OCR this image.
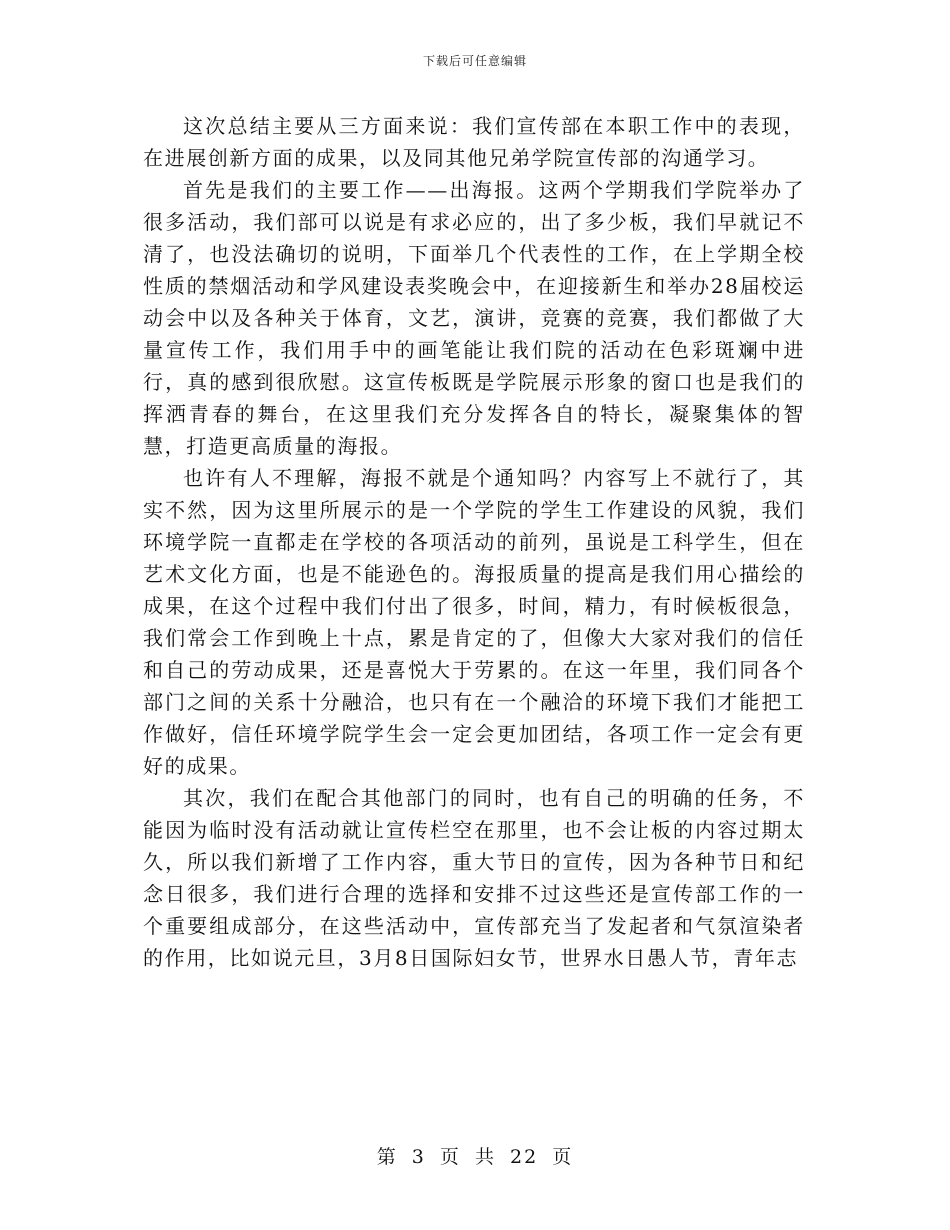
下载后可任意编辑

这次总结主要从三方面来说：我们宣传部在本职工作中的表现，在进展创新方面的成果，以及同其他兄弟学院宣传部的沟通学习。

首先是我们的主要工作——出海报。这两个学期我们学院举办了很多活动，我们部可以说是有求必应的，出了多少板，我们早就记不清了，也没法确切的说明，下面举几个代表性的工作，在上学期全校性质的禁烟活动和学风建设表奖晚会中，在迎接新生和举办28届校运动会中以及各种关于体育，文艺，演讲，竞赛的竞赛，我们都做了大量宣传工作，我们用手中的画笔能让我们院的活动在色彩斑斓中进行，真的感到很欣慰。这宣传板既是学院展示形象的窗口也是我们的挥洒青春的舞台，在这里我们充分发挥各自的特长，凝聚集体的智慧，打造更高质量的海报。

也许有人不理解，海报不就是个通知吗？内容写上不就行了，其实不然，因为这里所展示的是一个学院的学生工作建设的风貌，我们环境学院一直都走在学校的各项活动的前列，虽说是工科学生，但在艺术文化方面，也是不能逊色的。海报质量的提高是我们用心描绘的成果，在这个过程中我们付出了很多，时间，精力，有时候板很急，我们常会工作到晚上十点，累是肯定的了，但像大大家对我们的信任和自己的劳动成果，还是喜悦大于劳累的。在这一年里，我们同各个部门之间的关系十分融洽，也只有在一个融洽的环境下我们才能把工作做好，信任环境学院学生会一定会更加团结，各项工作一定会有更好的成果。

其次，我们在配合其他部门的同时，也有自己的明确的任务，不能因为临时没有活动就让宣传栏空在那里，也不会让板的内容过期太久，所以我们新增了工作内容，重大节日的宣传，因为各种节日和纪念日很多，我们进行合理的选择和安排不过这些还是宣传部工作的一个重要组成部分，在这些活动中，宣传部充当了发起者和气氛渲染者的作用，比如说元旦，3月8日国际妇女节，世界水日愚人节，青年志

第 3 页 共 22 页
